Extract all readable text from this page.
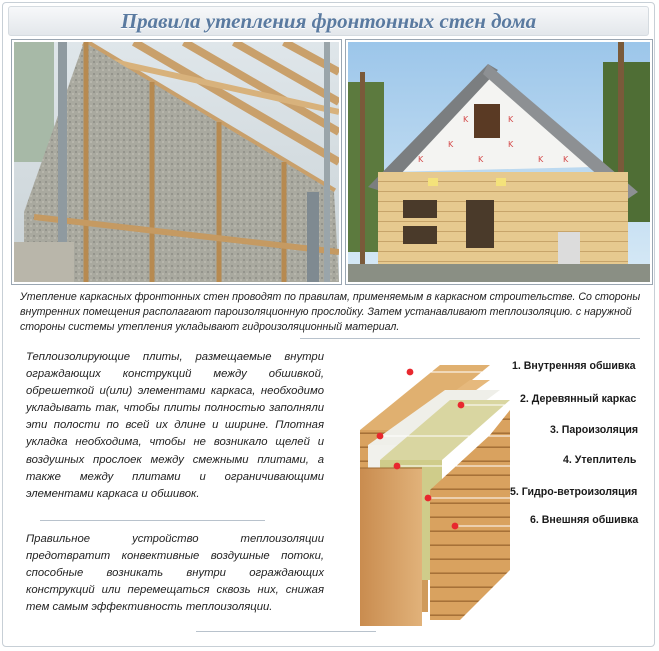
Правила утепления фронтонных стен дома
K
K
K
K
K
K	K
K
Утепление каркасных фронтонных стен проводят по правилам, применяемым в каркасном строительстве. Со стороны внутренних помещения располагают пароизоляционную прослойку. Затем устанавливают теплоизоляцию. с наружной стороны системы утепления укладывают гидроизоляционный материал.
Теплоизолирующие плиты, размещаемые внутри ограждающих конструкций между обшивкой, обрешеткой и(или) элементами каркаса, необходимо укладывать так, чтобы плиты полностью заполняли эти полости по всей их длине и ширине. Плотная укладка необходима, чтобы не возникало щелей и воздушных прослоек между смежными плитами, а также между плитами и ограничивающими элементами каркаса и обшивок.
Правильное устройство теплоизоляции предотвратит конвективные воздушные потоки, способные возникать внутри ограждающих конструкций или перемещаться сквозь них, снижая тем самым эффективность теплоизоляции.
1. Внутренняя обшивка
2. Деревянный каркас
3. Пароизоляция
4. Утеплитель
5. Гидро-ветроизоляция
6. Внешняя обшивка
